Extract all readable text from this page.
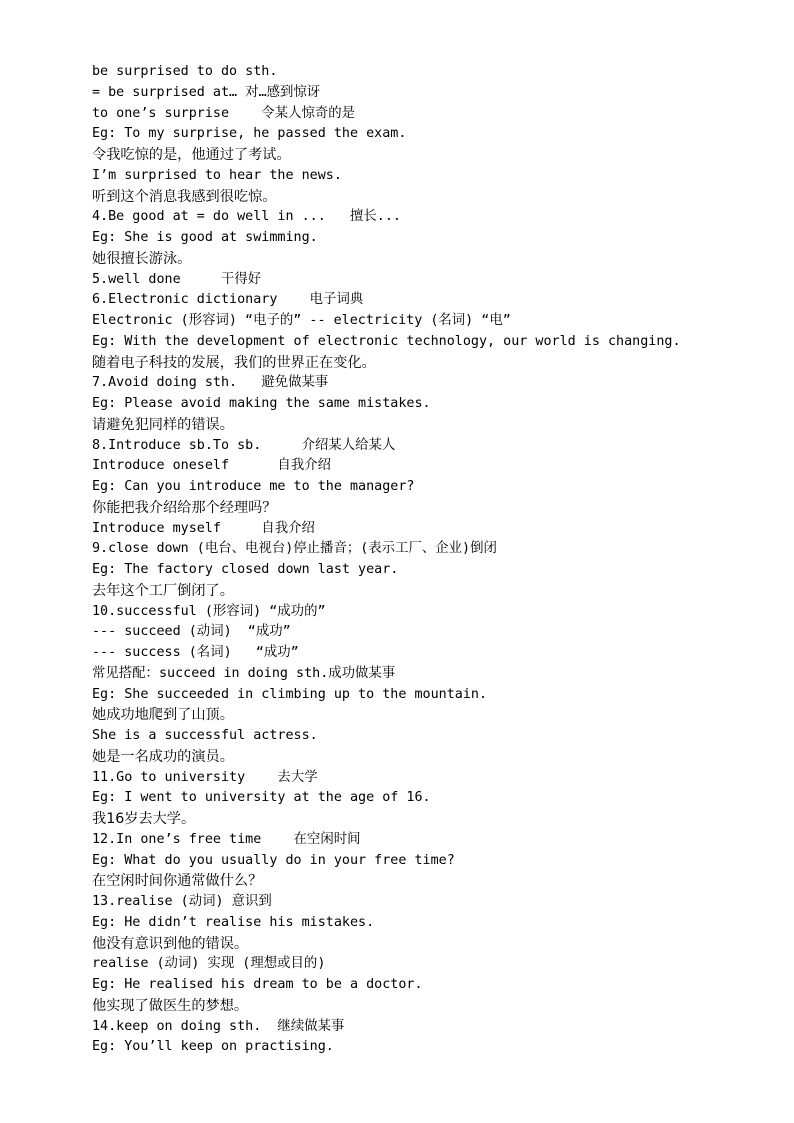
be surprised to do sth.
= be surprised at… 对…感到惊讶
to one’s surprise    令某人惊奇的是
Eg: To my surprise, he passed the exam.
令我吃惊的是，他通过了考试。
I’m surprised to hear the news.
听到这个消息我感到很吃惊。
4.Be good at = do well in ...   擅长...
Eg: She is good at swimming.
她很擅长游泳。
5.well done     干得好
6.Electronic dictionary    电子词典
Electronic (形容词) “电子的” -- electricity (名词) “电”
Eg: With the development of electronic technology, our world is changing.
随着电子科技的发展，我们的世界正在变化。
7.Avoid doing sth.   避免做某事
Eg: Please avoid making the same mistakes.
请避免犯同样的错误。
8.Introduce sb.To sb.     介绍某人给某人
Introduce oneself      自我介绍
Eg: Can you introduce me to the manager?
你能把我介绍给那个经理吗？
Introduce myself     自我介绍
9.close down (电台、电视台)停止播音；(表示工厂、企业)倒闭
Eg: The factory closed down last year.
去年这个工厂倒闭了。
10.successful (形容词) “成功的”
--- succeed (动词)  “成功”
--- success (名词)   “成功”
常见搭配：succeed in doing sth.成功做某事
Eg: She succeeded in climbing up to the mountain.
她成功地爬到了山顶。
She is a successful actress.
她是一名成功的演员。
11.Go to university    去大学
Eg: I went to university at the age of 16.
我16岁去大学。
12.In one’s free time    在空闲时间
Eg: What do you usually do in your free time?
在空闲时间你通常做什么？
13.realise (动词) 意识到
Eg: He didn’t realise his mistakes.
他没有意识到他的错误。
realise (动词) 实现 (理想或目的)
Eg: He realised his dream to be a doctor.
他实现了做医生的梦想。
14.keep on doing sth.  继续做某事
Eg: You’ll keep on practising.
